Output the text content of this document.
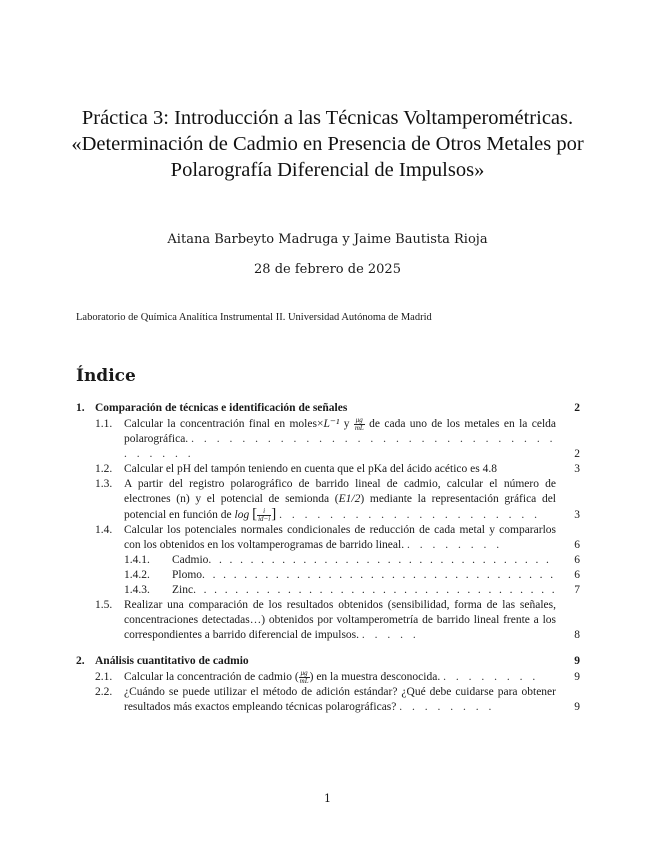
Práctica 3: Introducción a las Técnicas Voltamperométricas. «Determinación de Cadmio en Presencia de Otros Metales por Polarografía Diferencial de Impulsos»
Aitana Barbeyto Madruga y Jaime Bautista Rioja
28 de febrero de 2025
Laboratorio de Química Analítica Instrumental II. Universidad Autónoma de Madrid
Índice
1. Comparación de técnicas e identificación de señales	2
1.1. Calcular la concentración final en moles×L⁻¹ y $\frac{\mu g}{mL}$ de cada uno de los metales en la celda polarográfica. . . . . . . . . . . . . . . . . . . . . . . . . . . . . . . . . . . .	2
1.2. Calcular el pH del tampón teniendo en cuenta que el pKa del ácido acético es 4.8	3
1.3. A partir del registro polarográfico de barrido lineal de cadmio, calcular el número de electrones (n) y el potencial de semionda (E1/2) mediante la representación gráfica del potencial en función de log [ $\frac{i}{id-i}$ ] . . . . . . . . . . . . . . . . . . . . .	3
1.4. Calcular los potenciales normales condicionales de reducción de cada metal y compararlos con los obtenidos en los voltamperogramas de barrido lineal. . . . . . . . .	6
1.4.1. Cadmio . . .	6
1.4.2. Plomo . . .	6
1.4.3. Zinc . . .	7
1.5. Realizar una comparación de los resultados obtenidos (sensibilidad, forma de las señales, concentraciones detectadas…) obtenidos por voltamperometría de barrido lineal frente a los correspondientes a barrido diferencial de impulsos. . . . . .	8
2. Análisis cuantitativo de cadmio	9
2.1. Calcular la concentración de cadmio ( $\frac{\mu g}{mL}$ ) en la muestra desconocida. . . . . . . . .	9
2.2. ¿Cuándo se puede utilizar el método de adición estándar? ¿Qué debe cuidarse para obtener resultados más exactos empleando técnicas polarográficas? . . . . . . . .	9
1
